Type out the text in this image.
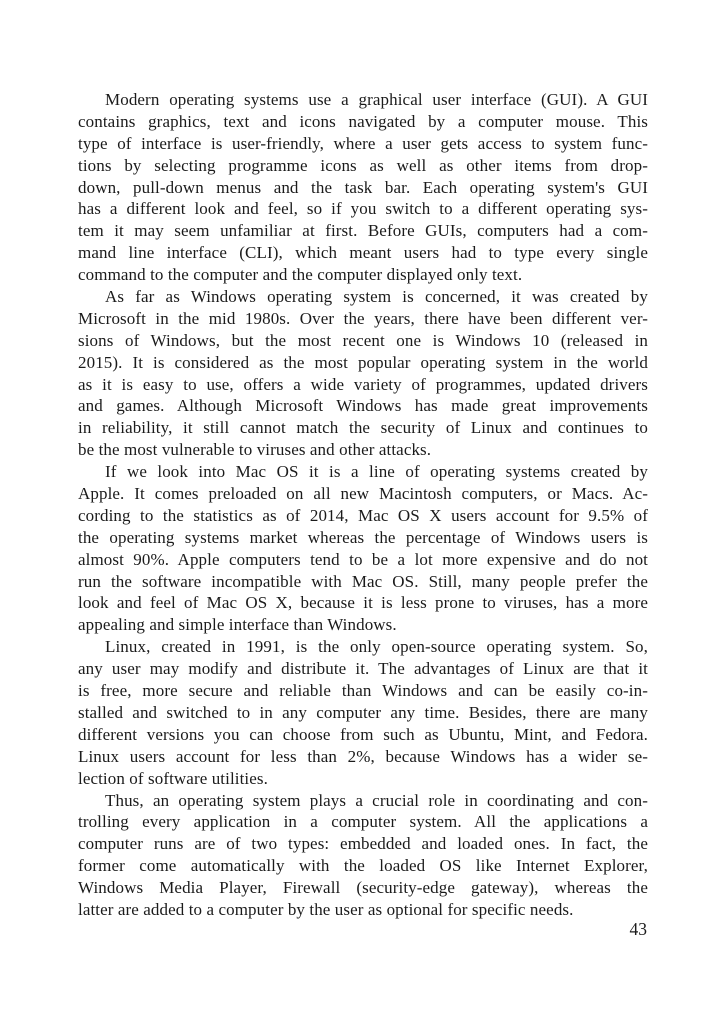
Modern operating systems use a graphical user interface (GUI). A GUI
contains graphics, text and icons navigated by a computer mouse. This
type of interface is user-friendly, where a user gets access to system func-
tions by selecting programme icons as well as other items from drop-
down, pull-down menus and the task bar. Each operating system's GUI
has a different look and feel, so if you switch to a different operating sys-
tem it may seem unfamiliar at first. Before GUIs, computers had a com-
mand line interface (CLI), which meant users had to type every single
command to the computer and the computer displayed only text.
As far as Windows operating system is concerned, it was created by
Microsoft in the mid 1980s. Over the years, there have been different ver-
sions of Windows, but the most recent one is Windows 10 (released in
2015). It is considered as the most popular operating system in the world
as it is easy to use, offers a wide variety of programmes, updated drivers
and games. Although Microsoft Windows has made great improvements
in reliability, it still cannot match the security of Linux and continues to
be the most vulnerable to viruses and other attacks.
If we look into Mac OS it is a line of operating systems created by
Apple. It comes preloaded on all new Macintosh computers, or Macs. Ac-
cording to the statistics as of 2014, Mac OS X users account for 9.5% of
the operating systems market whereas the percentage of Windows users is
almost 90%. Apple computers tend to be a lot more expensive and do not
run the software incompatible with Mac OS. Still, many people prefer the
look and feel of Mac OS X, because it is less prone to viruses, has a more
appealing and simple interface than Windows.
Linux, created in 1991, is the only open-source operating system. So,
any user may modify and distribute it. The advantages of Linux are that it
is free, more secure and reliable than Windows and can be easily co-in-
stalled and switched to in any computer any time. Besides, there are many
different versions you can choose from such as Ubuntu, Mint, and Fedora.
Linux users account for less than 2%, because Windows has a wider se-
lection of software utilities.
Thus, an operating system plays a crucial role in coordinating and con-
trolling every application in a computer system. All the applications a
computer runs are of two types: embedded and loaded ones. In fact, the
former come automatically with the loaded OS like Internet Explorer,
Windows Media Player, Firewall (security-edge gateway), whereas the
latter are added to a computer by the user as optional for specific needs.
43
